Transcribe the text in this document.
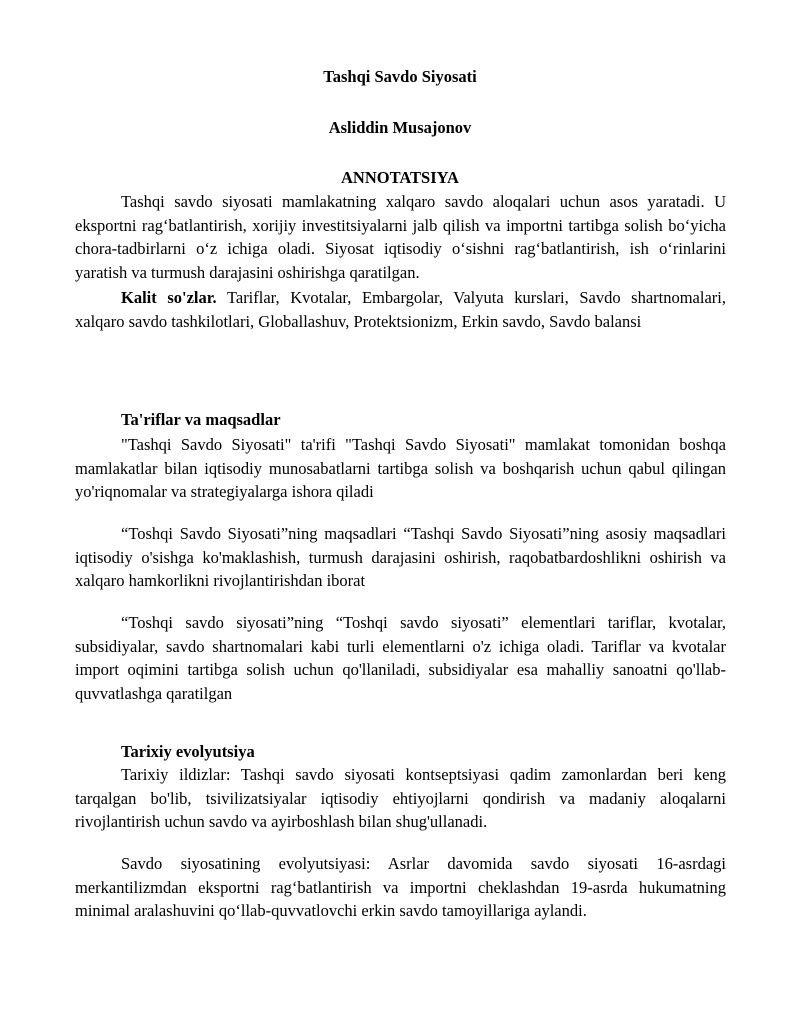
Tashqi Savdo Siyosati
Asliddin Musajonov
ANNOTATSIYA

Tashqi savdo siyosati mamlakatning xalqaro savdo aloqalari uchun asos yaratadi. U eksportni rag‘batlantirish, xorijiy investitsiyalarni jalb qilish va importni tartibga solish bo‘yicha chora-tadbirlarni o‘z ichiga oladi. Siyosat iqtisodiy o‘sishni rag‘batlantirish, ish o‘rinlarini yaratish va turmush darajasini oshirishga qaratilgan.

Kalit so'zlar. Tariflar, Kvotalar, Embargolar, Valyuta kurslari, Savdo shartnomalari, xalqaro savdo tashkilotlari, Globallashuv, Protektsionizm, Erkin savdo, Savdo balansi

Ta'riflar va maqsadlar

"Tashqi Savdo Siyosati" ta'rifi "Tashqi Savdo Siyosati" mamlakat tomonidan boshqa mamlakatlar bilan iqtisodiy munosabatlarni tartibga solish va boshqarish uchun qabul qilingan yo'riqnomalar va strategiyalarga ishora qiladi

“Toshqi Savdo Siyosati”ning maqsadlari “Tashqi Savdo Siyosati”ning asosiy maqsadlari iqtisodiy o'sishga ko'maklashish, turmush darajasini oshirish, raqobatbardoshlikni oshirish va xalqaro hamkorlikni rivojlantirishdan iborat

“Toshqi savdo siyosati”ning “Toshqi savdo siyosati” elementlari tariflar, kvotalar, subsidiyalar, savdo shartnomalari kabi turli elementlarni o'z ichiga oladi. Tariflar va kvotalar import oqimini tartibga solish uchun qo'llaniladi, subsidiyalar esa mahalliy sanoatni qo'llab-quvvatlashga qaratilgan

Tarixiy evolyutsiya

Tarixiy ildizlar: Tashqi savdo siyosati kontseptsiyasi qadim zamonlardan beri keng tarqalgan bo'lib, tsivilizatsiyalar iqtisodiy ehtiyojlarni qondirish va madaniy aloqalarni rivojlantirish uchun savdo va ayirboshlash bilan shug'ullanadi.

Savdo siyosatining evolyutsiyasi: Asrlar davomida savdo siyosati 16-asrdagi merkantilizmdan eksportni rag‘batlantirish va importni cheklashdan 19-asrda hukumatning minimal aralashuvini qo‘llab-quvvatlovchi erkin savdo tamoyillariga aylandi.
